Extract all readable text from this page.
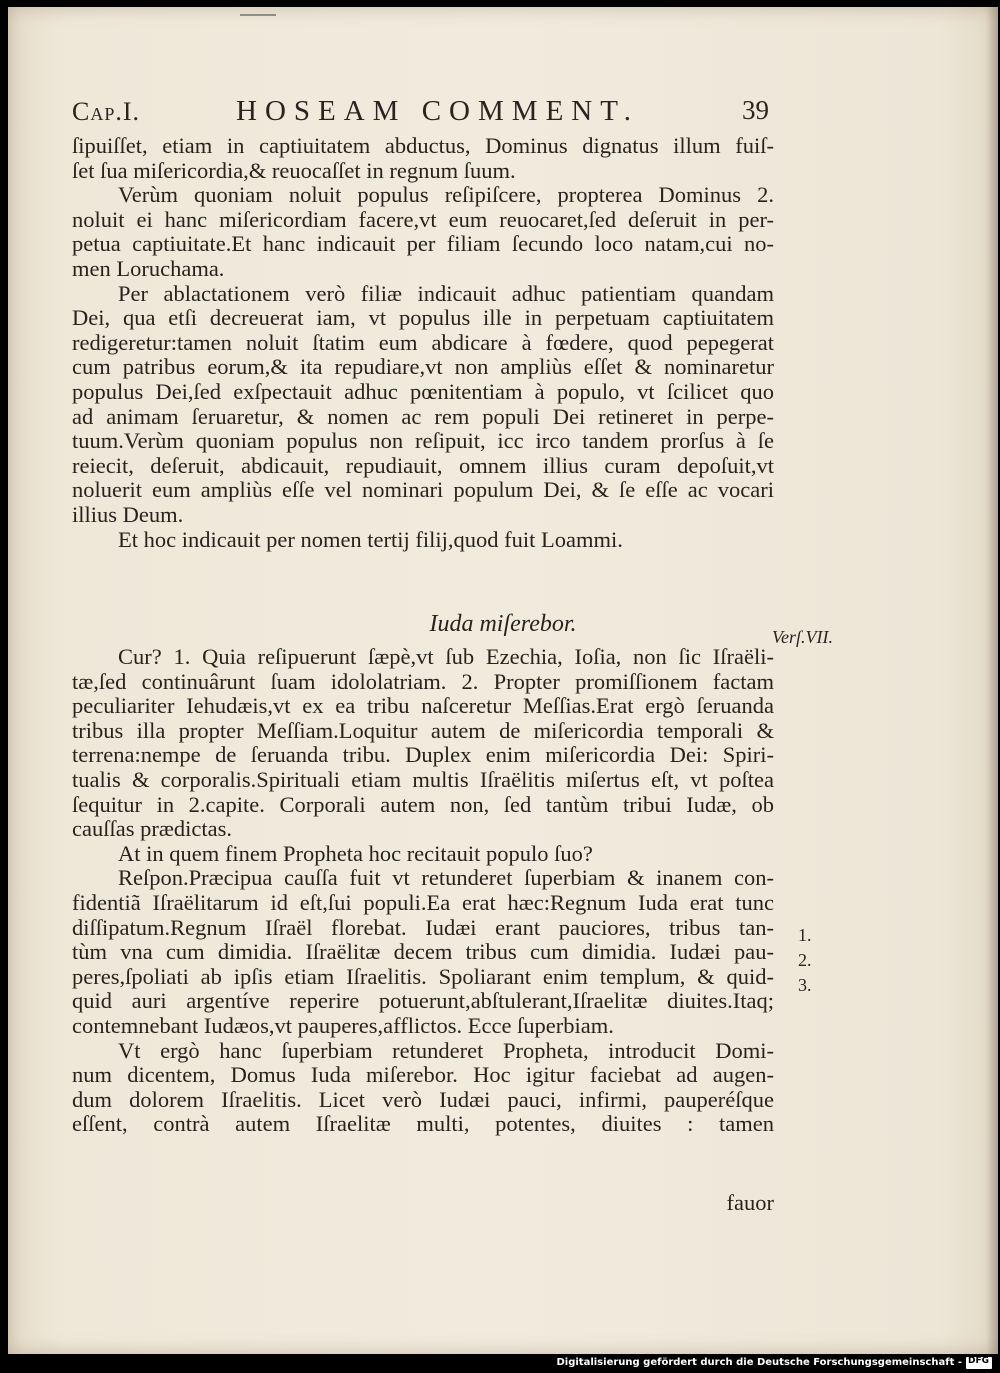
Cap.I.	HOSEAM COMMENT.	39
ſipuiſſet, etiam in captiuitatem abductus, Dominus dignatus illum fuiſ-
ſet ſua miſericordia,& reuocaſſet in regnum ſuum.
Verùm quoniam noluit populus reſipiſcere, propterea Dominus 2.
noluit ei hanc miſericordiam facere,vt eum reuocaret,ſed deſeruit in per-
petua captiuitate.Et hanc indicauit per filiam ſecundo loco natam,cui no-
men Loruchama.
Per ablactationem verò filiæ indicauit adhuc patientiam quandam
Dei, qua etſi decreuerat iam, vt populus ille in perpetuam captiuitatem
redigeretur:tamen noluit ſtatim eum abdicare à fœdere, quod pepegerat
cum patribus eorum,& ita repudiare,vt non ampliùs eſſet & nominaretur
populus Dei,ſed exſpectauit adhuc pœnitentiam à populo, vt ſcilicet quo
ad animam ſeruaretur, & nomen ac rem populi Dei retineret in perpe-
tuum.Verùm quoniam populus non reſipuit, icc irco tandem prorſus à ſe
reiecit, deſeruit, abdicauit, repudiauit, omnem illius curam depoſuit,vt
noluerit eum ampliùs eſſe vel nominari populum Dei, & ſe eſſe ac vocari
illius Deum.
Et hoc indicauit per nomen tertij filij,quod fuit Loammi.
Iuda miſerebor.	Verſ.VII.
Cur? 1. Quia reſipuerunt ſæpè,vt ſub Ezechia, Ioſia, non ſic Iſraëli-
tæ,ſed continuârunt ſuam idololatriam. 2. Propter promiſſionem factam
peculiariter Iehudæis,vt ex ea tribu naſceretur Meſſias.Erat ergò ſeruanda
tribus illa propter Meſſiam.Loquitur autem de miſericordia temporali &
terrena:nempe de ſeruanda tribu. Duplex enim miſericordia Dei: Spiri-
tualis & corporalis.Spirituali etiam multis Iſraëlitis miſertus eſt, vt poſtea
ſequitur in 2.capite. Corporali autem non, ſed tantùm tribui Iudæ, ob
cauſſas prædictas.
At in quem finem Propheta hoc recitauit populo ſuo?
Reſpon.Præcipua cauſſa fuit vt retunderet ſuperbiam & inanem con-
fidentiã Iſraëlitarum id eſt,ſui populi.Ea erat hæc:Regnum Iuda erat tunc
diſſipatum.Regnum Iſraël florebat. Iudæi erant pauciores, tribus tan-
tùm vna cum dimidia. Iſraëlitæ decem tribus cum dimidia. Iudæi pau-
peres,ſpoliati ab ipſis etiam Iſraelitis. Spoliarant enim templum, & quid-
quid auri argentíve reperire potuerunt,abſtulerant,Iſraelitæ diuites.Itaq;
contemnebant Iudæos,vt pauperes,afflictos. Ecce ſuperbiam.
Vt ergò hanc ſuperbiam retunderet Propheta, introducit Domi-
num dicentem, Domus Iuda miſerebor. Hoc igitur faciebat ad augen-
dum dolorem Iſraelitis. Licet verò Iudæi pauci, infirmi, pauperéſque
eſſent, contrà autem Iſraelitæ multi, potentes, diuites : tamen
fauor
1.
2.
3.
Digitalisierung gefördert durch die Deutsche Forschungsgemeinschaft - DFG
